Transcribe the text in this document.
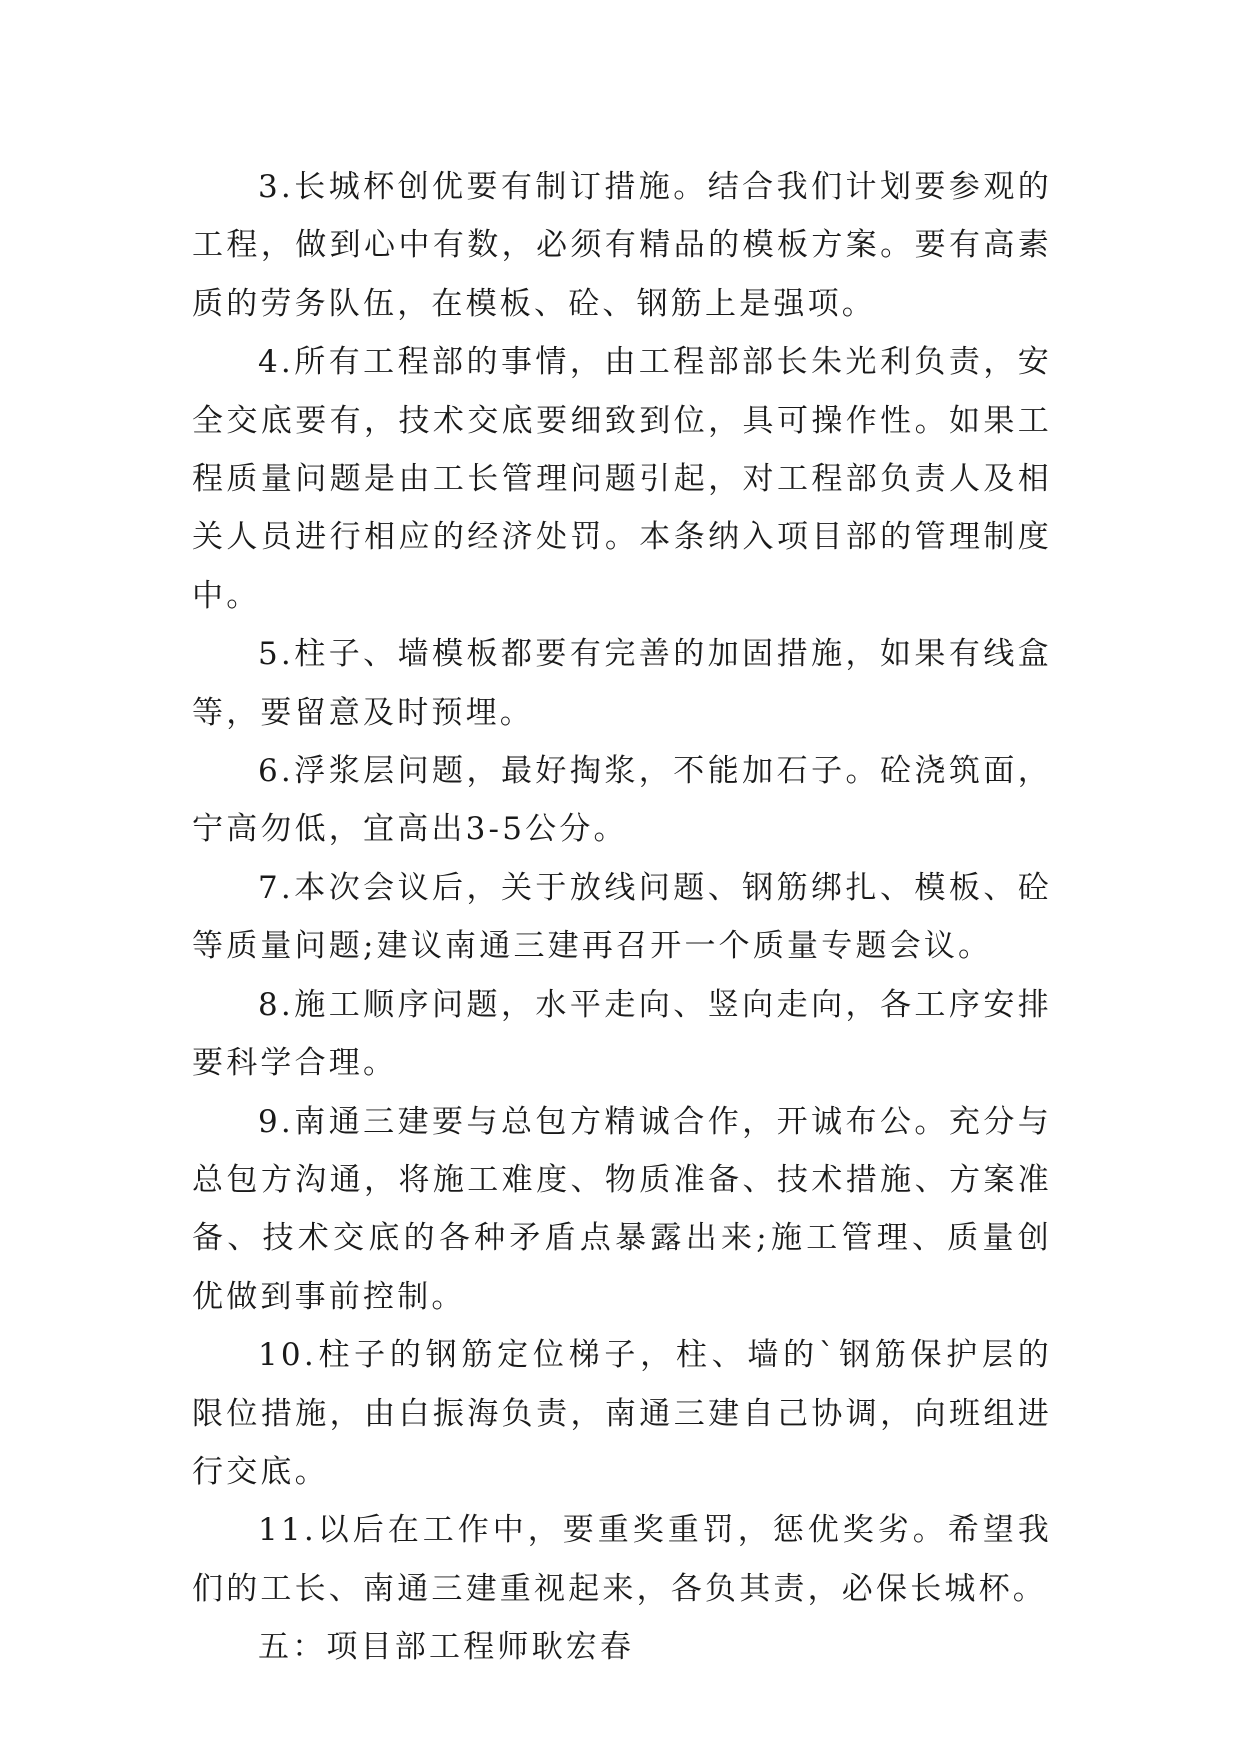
3.长城杯创优要有制订措施。结合我们计划要参观的工程，做到心中有数，必须有精品的模板方案。要有高素质的劳务队伍，在模板、砼、钢筋上是强项。

4.所有工程部的事情，由工程部部长朱光利负责，安全交底要有，技术交底要细致到位，具可操作性。如果工程质量问题是由工长管理问题引起，对工程部负责人及相关人员进行相应的经济处罚。本条纳入项目部的管理制度中。

5.柱子、墙模板都要有完善的加固措施，如果有线盒等，要留意及时预埋。

6.浮浆层问题，最好掏浆，不能加石子。砼浇筑面，宁高勿低，宜高出3-5公分。

7.本次会议后，关于放线问题、钢筋绑扎、模板、砼等质量问题;建议南通三建再召开一个质量专题会议。

8.施工顺序问题，水平走向、竖向走向，各工序安排要科学合理。

9.南通三建要与总包方精诚合作，开诚布公。充分与总包方沟通，将施工难度、物质准备、技术措施、方案准备、技术交底的各种矛盾点暴露出来;施工管理、质量创优做到事前控制。

10.柱子的钢筋定位梯子，柱、墙的`钢筋保护层的限位措施，由白振海负责，南通三建自己协调，向班组进行交底。

11.以后在工作中，要重奖重罚，惩优奖劣。希望我们的工长、南通三建重视起来，各负其责，必保长城杯。

五：项目部工程师耿宏春
